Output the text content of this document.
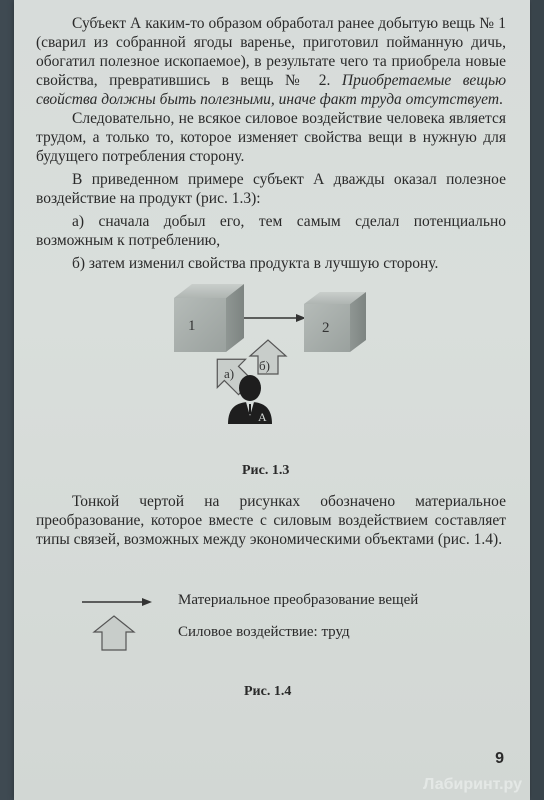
Субъект А каким-то образом обработал ранее добытую вещь № 1 (сварил из собранной ягоды варенье, приготовил пойманную дичь, обогатил полезное ископаемое), в результате чего та приобрела новые свойства, превратившись в вещь № 2. Приобретаемые вещью свойства должны быть полезными, иначе факт труда отсутствует.

Следовательно, не всякое силовое воздействие человека является трудом, а только то, которое изменяет свойства вещи в нужную для будущего потребления сторону.

В приведенном примере субъект А дважды оказал полезное воздействие на продукт (рис. 1.3):

а) сначала добыл его, тем самым сделал потенциально возможным к потреблению,

б) затем изменил свойства продукта в лучшую сторону.

1	2
а)
б)
А
Рис. 1.3

Тонкой чертой на рисунках обозначено материальное преобразование, которое вместе с силовым воздействием составляет типы связей, возможных между экономическими объектами (рис. 1.4).

Материальное преобразование вещей
Силовое воздействие: труд
Рис. 1.4
9
Лабиринт.ру
